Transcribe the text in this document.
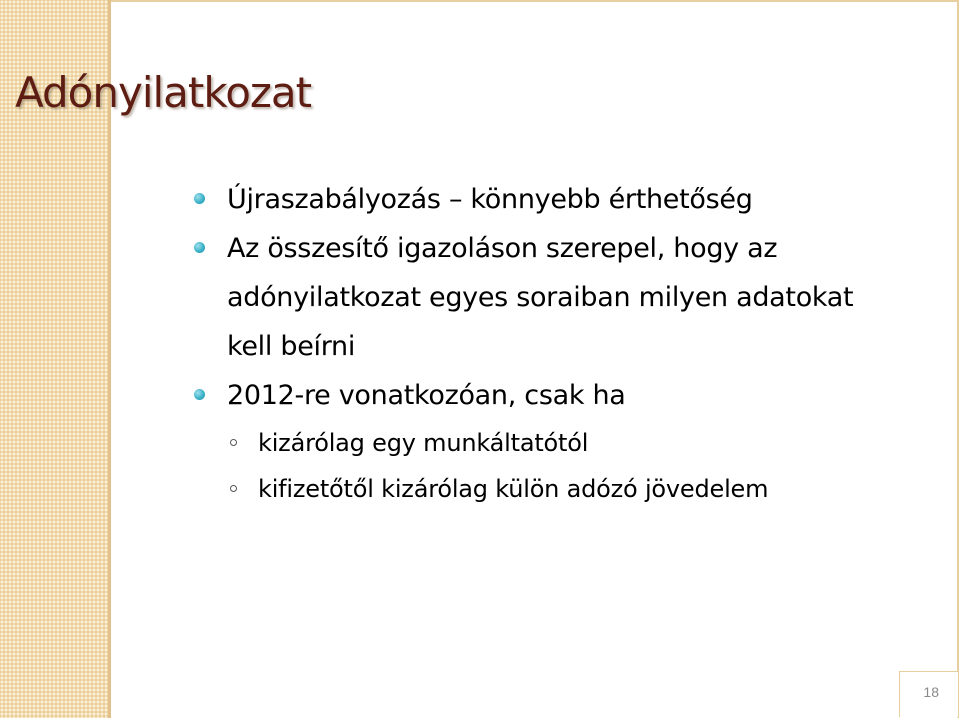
Adónyilatkozat
Újraszabályozás – könnyebb érthetőség
Az összesítő igazoláson szerepel, hogy az
adónyilatkozat egyes soraiban milyen adatokat
kell beírni
2012-re vonatkozóan, csak ha
kizárólag egy munkáltatótól
kifizetőtől kizárólag külön adózó jövedelem
18
